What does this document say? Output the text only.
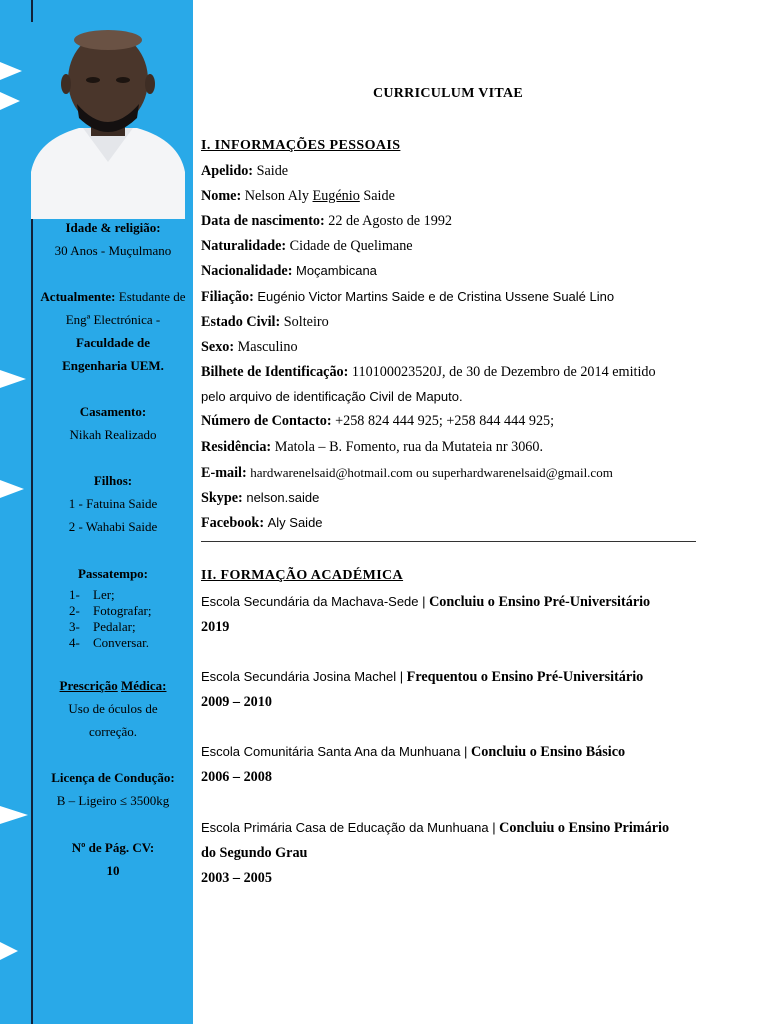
Idade & religião:
30 Anos - Muçulmano
Actualmente: Estudante de Engª Electrónica -
Faculdade de Engenharia UEM.
Casamento:
Nikah Realizado
Filhos:
1 - Fatuina Saide
2 - Wahabi Saide
Passatempo:
1-	Ler;
2-	Fotografar;
3-	Pedalar;
4-	Conversar.
Prescrição Médica:
Uso de óculos de correção.
Licença de Condução:
B – Ligeiro ≤ 3500kg
Nº de Pág. CV:
10
CURRICULUM VITAE
I. INFORMAÇÕES PESSOAIS
Apelido: Saide
Nome: Nelson Aly Eugénio Saide
Data de nascimento: 22 de Agosto de 1992
Naturalidade: Cidade de Quelimane
Nacionalidade: Moçambicana
Filiação: Eugénio Victor Martins Saide e de Cristina Ussene Sualé Lino
Estado Civil: Solteiro
Sexo: Masculino
Bilhete de Identificação: 110100023520J, de 30 de Dezembro de 2014 emitido
pelo arquivo de identificação Civil de Maputo.
Número de Contacto: +258 824 444 925; +258 844 444 925;
Residência: Matola – B. Fomento, rua da Mutateia nr 3060.
E-mail: hardwarenelsaid@hotmail.com ou superhardwarenelsaid@gmail.com
Skype: nelson.saide
Facebook: Aly Saide
II. FORMAÇÃO ACADÉMICA
Escola Secundária da Machava-Sede | Concluiu o Ensino Pré-Universitário
2019
Escola Secundária Josina Machel | Frequentou o Ensino Pré-Universitário
2009 – 2010
Escola Comunitária Santa Ana da Munhuana | Concluiu o Ensino Básico
2006 – 2008
Escola Primária Casa de Educação da Munhuana | Concluiu o Ensino Primário
do Segundo Grau
2003 – 2005
